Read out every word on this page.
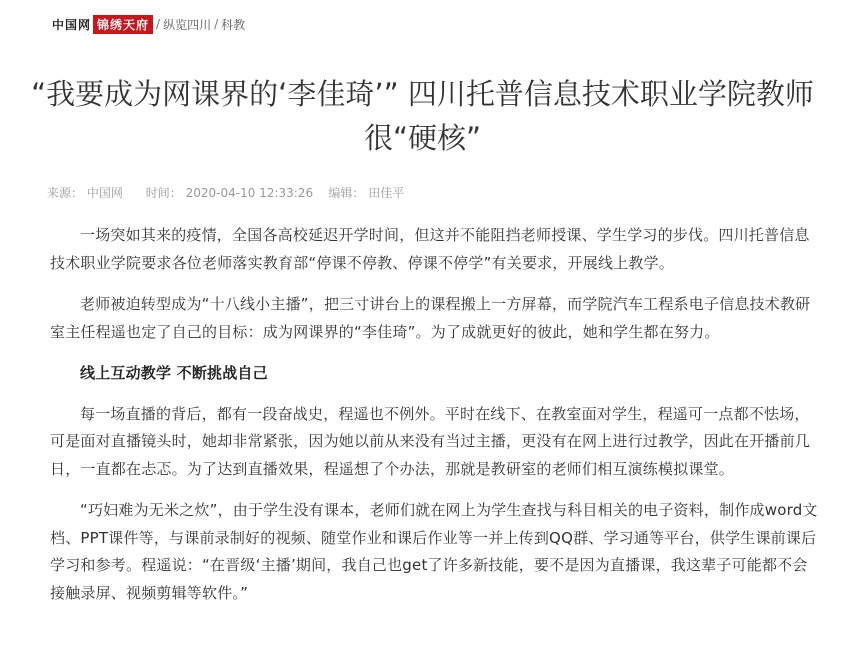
中国网 锦绣天府 / 纵览四川 / 科教
“我要成为网课界的‘李佳琦’” 四川托普信息技术职业学院教师很“硬核”
来源： 中国网 时间： 2020-04-10 12:33:26 编辑： 田佳平

一场突如其来的疫情，全国各高校延迟开学时间，但这并不能阻挡老师授课、学生学习的步伐。四川托普信息技术职业学院要求各位老师落实教育部“停课不停教、停课不停学”有关要求，开展线上教学。

老师被迫转型成为“十八线小主播”，把三寸讲台上的课程搬上一方屏幕，而学院汽车工程系电子信息技术教研室主任程遥也定了自己的目标：成为网课界的“李佳琦”。为了成就更好的彼此，她和学生都在努力。

线上互动教学 不断挑战自己

每一场直播的背后，都有一段奋战史，程遥也不例外。平时在线下、在教室面对学生，程遥可一点都不怯场，可是面对直播镜头时，她却非常紧张，因为她以前从来没有当过主播，更没有在网上进行过教学，因此在开播前几日，一直都在忐忑。为了达到直播效果，程遥想了个办法，那就是教研室的老师们相互演练模拟课堂。

“巧妇难为无米之炊”，由于学生没有课本，老师们就在网上为学生查找与科目相关的电子资料，制作成word文档、PPT课件等，与课前录制好的视频、随堂作业和课后作业等一并上传到QQ群、学习通等平台，供学生课前课后学习和参考。程遥说：“在晋级‘主播’期间，我自己也get了许多新技能，要不是因为直播课，我这辈子可能都不会接触录屏、视频剪辑等软件。”
